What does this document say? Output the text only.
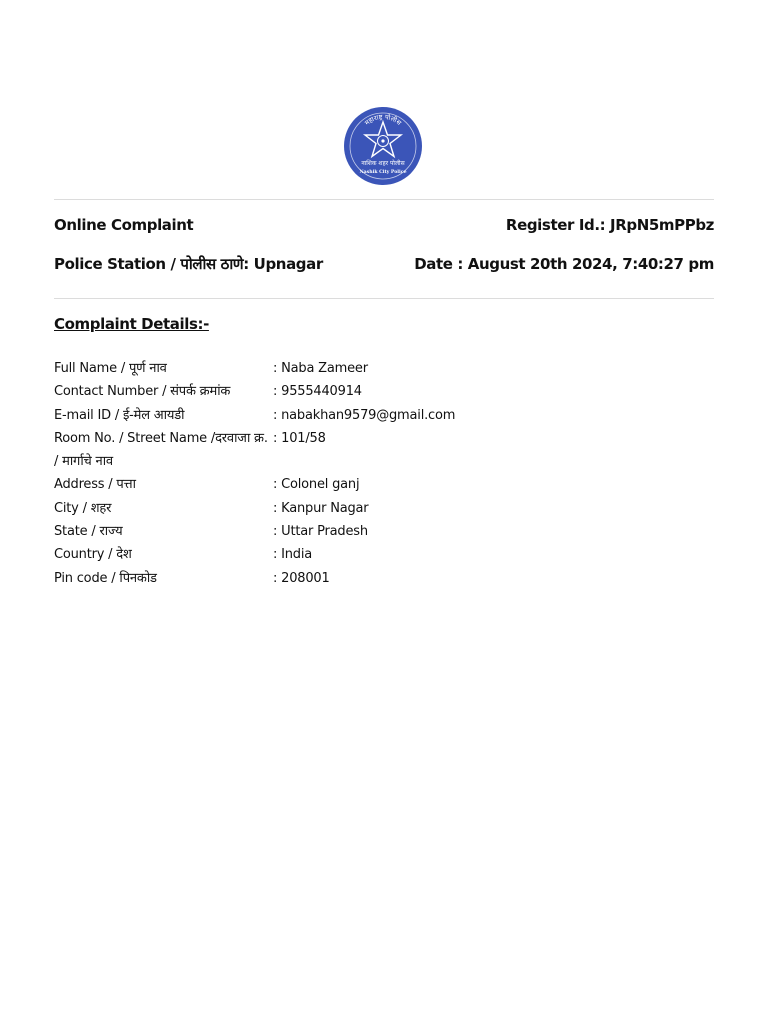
महाराष्ट्र पोलीस
नाशिक शहर पोलीस
Nashik City Police
Online Complaint	Register Id.: JRpN5mPPbz
Police Station / पोलीस ठाणे: Upnagar	Date : August 20th 2024, 7:40:27 pm
Complaint Details:-
Full Name / पूर्ण नाव	: Naba Zameer
Contact Number / संपर्क क्रमांक	: 9555440914
E-mail ID / ई-मेल आयडी	: nabakhan9579@gmail.com
Room No. / Street Name /दरवाजा क्र. / मार्गाचे नाव
: 101/58
Address / पत्ता	: Colonel ganj
City / शहर	: Kanpur Nagar
State / राज्य	: Uttar Pradesh
Country / देश	: India
Pin code / पिनकोड	: 208001
